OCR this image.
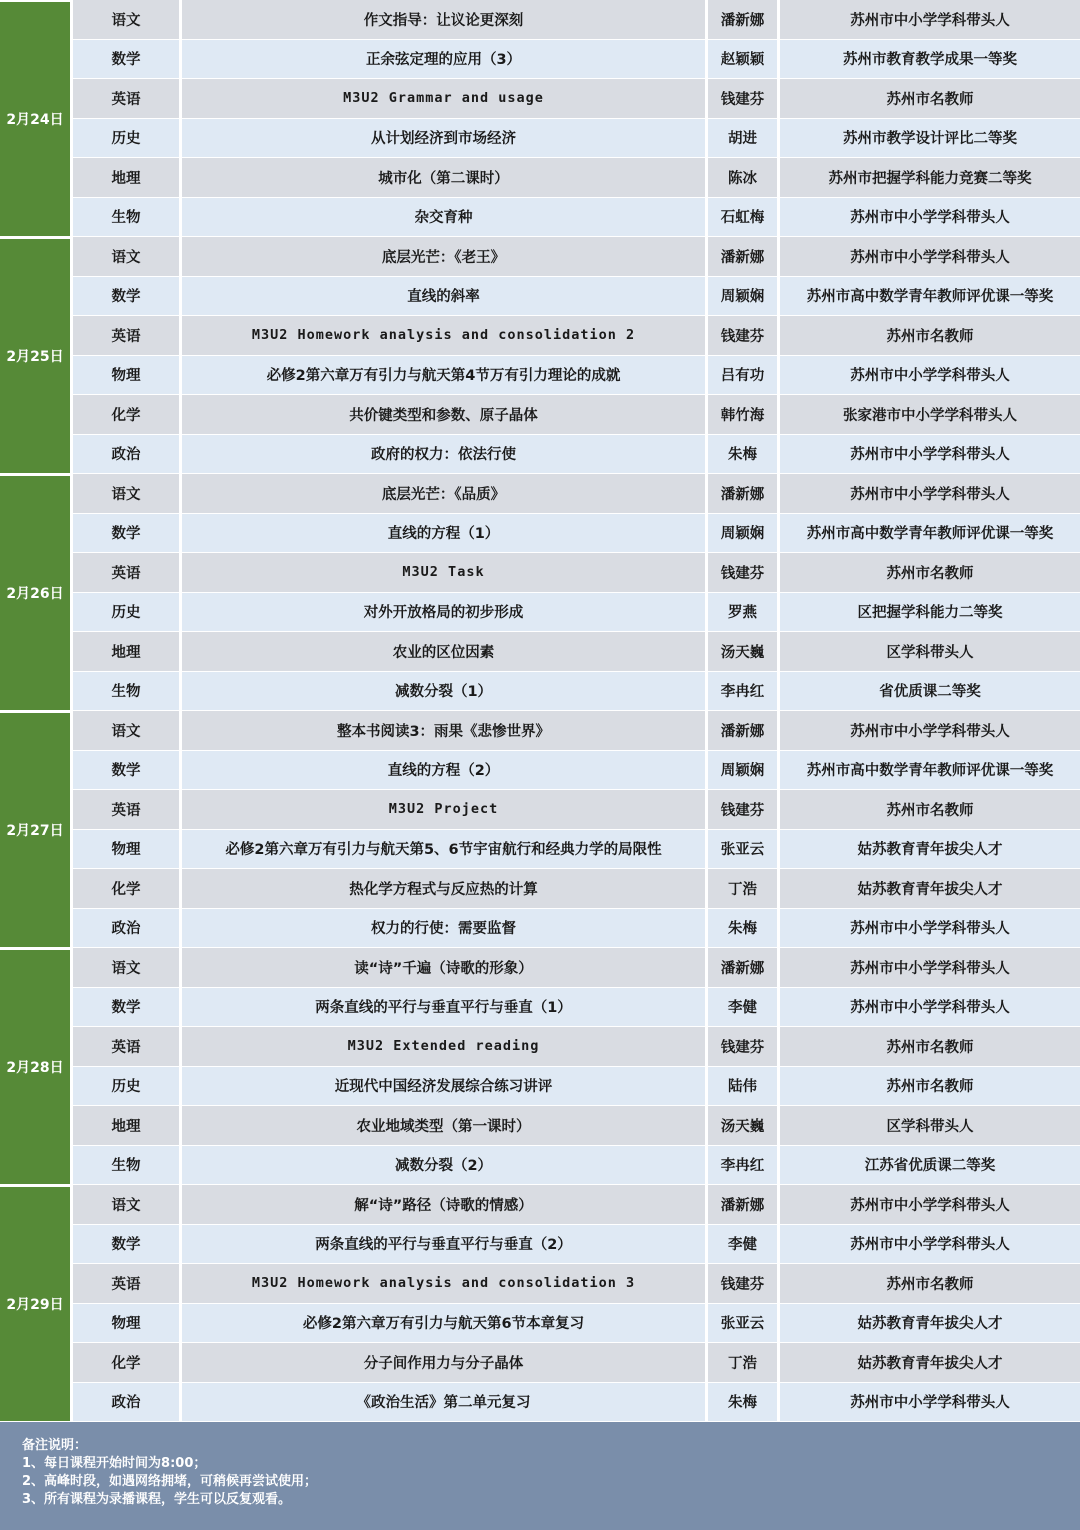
2月24日
语文	作文指导：让议论更深刻	潘新娜	苏州市中小学学科带头人
数学	正余弦定理的应用（3）	赵颖颖	苏州市教育教学成果一等奖
英语	M3U2 Grammar and usage	钱建芬	苏州市名教师
历史	从计划经济到市场经济	胡进	苏州市教学设计评比二等奖
地理	城市化（第二课时）	陈冰	苏州市把握学科能力竞赛二等奖
生物	杂交育种	石虹梅	苏州市中小学学科带头人
2月25日
语文	底层光芒：《老王》	潘新娜	苏州市中小学学科带头人
数学	直线的斜率	周颖娴	苏州市高中数学青年教师评优课一等奖
英语	M3U2 Homework analysis and consolidation 2	钱建芬	苏州市名教师
物理	必修2第六章万有引力与航天第4节万有引力理论的成就	吕有功	苏州市中小学学科带头人
化学	共价键类型和参数、原子晶体	韩竹海	张家港市中小学学科带头人
政治	政府的权力：依法行使	朱梅	苏州市中小学学科带头人
2月26日
语文	底层光芒：《品质》	潘新娜	苏州市中小学学科带头人
数学	直线的方程（1）	周颖娴	苏州市高中数学青年教师评优课一等奖
英语	M3U2 Task	钱建芬	苏州市名教师
历史	对外开放格局的初步形成	罗燕	区把握学科能力二等奖
地理	农业的区位因素	汤天巍	区学科带头人
生物	减数分裂（1）	李冉红	省优质课二等奖
2月27日
语文	整本书阅读3：雨果《悲惨世界》	潘新娜	苏州市中小学学科带头人
数学	直线的方程（2）	周颖娴	苏州市高中数学青年教师评优课一等奖
英语	M3U2 Project	钱建芬	苏州市名教师
物理	必修2第六章万有引力与航天第5、6节宇宙航行和经典力学的局限性	张亚云	姑苏教育青年拔尖人才
化学	热化学方程式与反应热的计算	丁浩	姑苏教育青年拔尖人才
政治	权力的行使：需要监督	朱梅	苏州市中小学学科带头人
2月28日
语文	读“诗”千遍（诗歌的形象）	潘新娜	苏州市中小学学科带头人
数学	两条直线的平行与垂直平行与垂直（1）	李健	苏州市中小学学科带头人
英语	M3U2 Extended reading	钱建芬	苏州市名教师
历史	近现代中国经济发展综合练习讲评	陆伟	苏州市名教师
地理	农业地域类型（第一课时）	汤天巍	区学科带头人
生物	减数分裂（2）	李冉红	江苏省优质课二等奖
2月29日
语文	解“诗”路径（诗歌的情感）	潘新娜	苏州市中小学学科带头人
数学	两条直线的平行与垂直平行与垂直（2）	李健	苏州市中小学学科带头人
英语	M3U2 Homework analysis and consolidation 3	钱建芬	苏州市名教师
物理	必修2第六章万有引力与航天第6节本章复习	张亚云	姑苏教育青年拔尖人才
化学	分子间作用力与分子晶体	丁浩	姑苏教育青年拔尖人才
政治	《政治生活》第二单元复习	朱梅	苏州市中小学学科带头人
备注说明：
1、每日课程开始时间为8:00；
2、高峰时段，如遇网络拥堵，可稍候再尝试使用；
3、所有课程为录播课程，学生可以反复观看。
